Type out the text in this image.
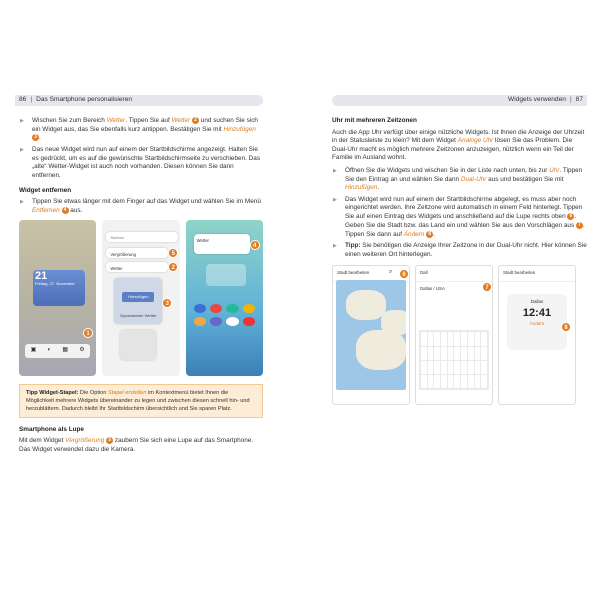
86 | Das Smartphone personalisieren
▶ Wischen Sie zum Bereich Wetter. Tippen Sie auf Wetter 2 und suchen Sie sich ein Widget aus, das Sie ebenfalls kurz antippen. Bestätigen Sie mit Hinzufügen 3 .
▶ Das neue Widget wird nun auf einem der Startbildschirme angezeigt. Halten Sie es gedrückt, um es auf die gewünschte Startbildschirmseite zu verschieben. Das „alte“ Wetter-Widget ist auch noch vorhanden. Diesen können Sie dann entfernen.
Widget entfernen
▶ Tippen Sie etwas länger mit dem Finger auf das Widget und wählen Sie im Menü Entfernen 4 aus.
21
Freitag, 27. November
▣ ◐ ▦ ⚙
1
Suchen
Vergrößerung
Wetter
Hinzufügen
Dynamischer Wetter
5
2
3
Wetter
4
Tipp Widget-Stapel: Die Option Stapel erstellen im Kontextmenü bietet Ihnen die Möglichkeit mehrere Widgets übereinander zu legen und zwischen diesen schnell hin- und herzublättern. Dadurch bleibt Ihr Startbildschirm übersichtlich und Sie sparen Platz.
Smartphone als Lupe

Mit dem Widget Vergrößerung 5 zaubern Sie sich eine Lupe auf das Smartphone. Das Widget verwendet dazu die Kamera.

Widgets verwenden | 87
Uhr mit mehreren Zeitzonen

Auch die App Uhr verfügt über einige nützliche Widgets. Ist Ihnen die Anzeige der Uhrzeit in der Statusleiste zu klein? Mit dem Widget Analoge Uhr lösen Sie das Problem. Die Dual-Uhr macht es möglich mehrere Zeitzonen anzuzeigen, nützlich wenn ein Teil der Familie im Ausland wohnt.

▶ Öffnen Sie die Widgets und wischen Sie in der Liste nach unten, bis zur Uhr. Tippen Sie den Eintrag an und wählen Sie dann Dual-Uhr aus und bestätigen Sie mit Hinzufügen.
▶ Das Widget wird nun auf einem der Startbildschirme abgelegt, es muss aber noch eingerichtet werden. Ihre Zeitzone wird automatisch in einem Feld hinterlegt. Tippen Sie auf einen Eintrag des Widgets und anschließend auf die Lupe rechts oben 6 . Geben Sie die Stadt bzw. das Land ein und wählen Sie aus den Vorschlägen aus 7 . Tippen Sie dann auf Ändern 8 .
▶ Tipp: Sie benötigen die Anzeige Ihrer Zeitzone in der Dual-Uhr nicht. Hier können Sie einen weiteren Ort hinterlegen.
Stadt bearbeiten	6
⌕	Dall
Dallas / USA	7
Stadt bearbeiten
Dallas
12:41
Ändern
8
